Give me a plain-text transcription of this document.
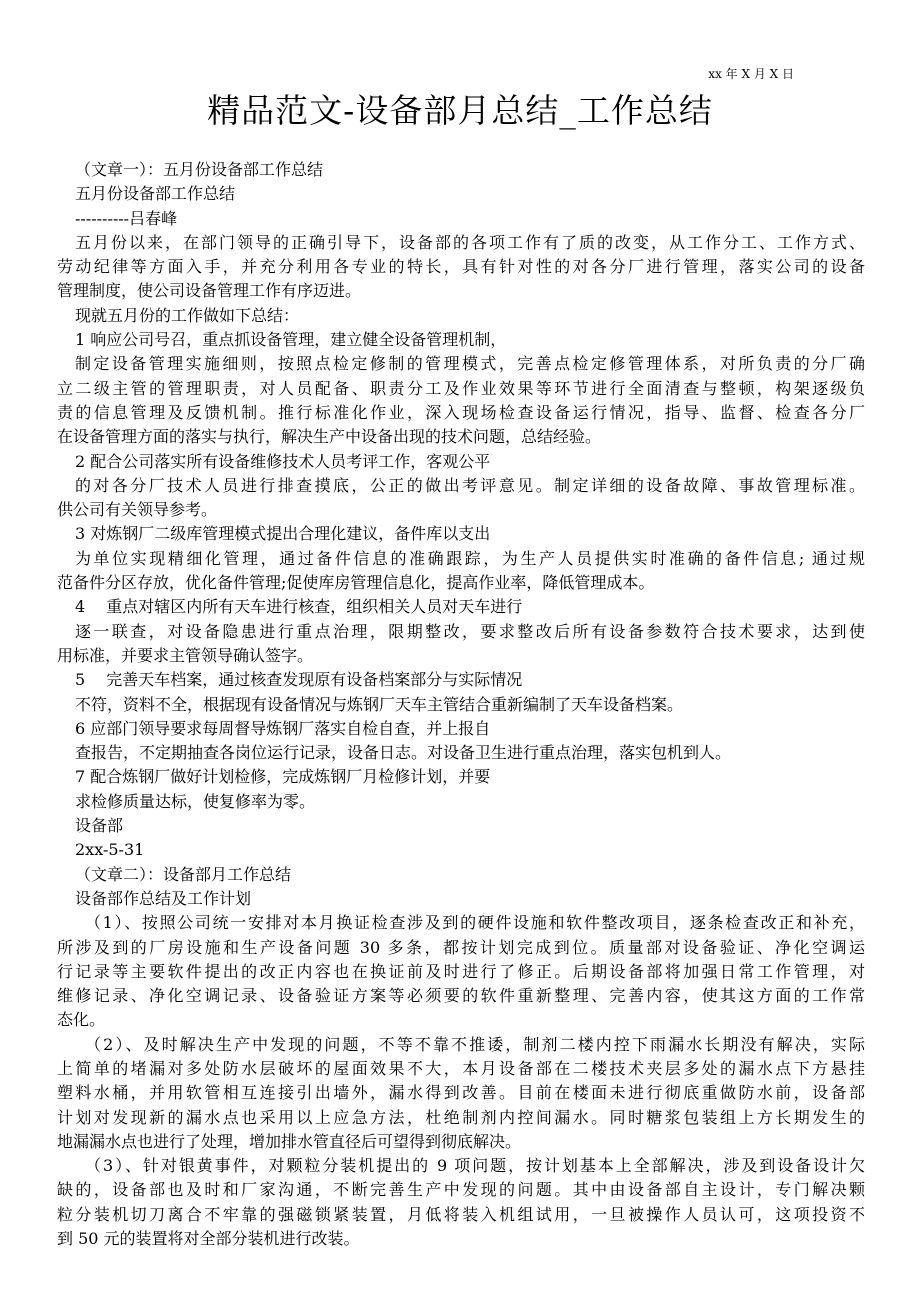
xx 年 X 月 X 日
精品范文-设备部月总结_工作总结
（文章一）：五月份设备部工作总结
五月份设备部工作总结
----------吕春峰
五月份以来，在部门领导的正确引导下，设备部的各项工作有了质的改变，从工作分工、工作方式、
劳动纪律等方面入手，并充分利用各专业的特长，具有针对性的对各分厂进行管理，落实公司的设备
管理制度，使公司设备管理工作有序迈进。
现就五月份的工作做如下总结：
1 响应公司号召，重点抓设备管理，建立健全设备管理机制，
制定设备管理实施细则，按照点检定修制的管理模式，完善点检定修管理体系，对所负责的分厂确
立二级主管的管理职责，对人员配备、职责分工及作业效果等环节进行全面清查与整顿，构架逐级负
责的信息管理及反馈机制。推行标准化作业，深入现场检查设备运行情况，指导、监督、检查各分厂
在设备管理方面的落实与执行，解决生产中设备出现的技术问题，总结经验。
2 配合公司落实所有设备维修技术人员考评工作，客观公平
的对各分厂技术人员进行排查摸底，公正的做出考评意见。制定详细的设备故障、事故管理标准。
供公司有关领导参考。
3 对炼钢厂二级库管理模式提出合理化建议，备件库以支出
为单位实现精细化管理，通过备件信息的准确跟踪，为生产人员提供实时准确的备件信息; 通过规
范备件分区存放，优化备件管理;促使库房管理信息化，提高作业率，降低管理成本。
4　 重点对辖区内所有天车进行核查，组织相关人员对天车进行
逐一联查，对设备隐患进行重点治理，限期整改，要求整改后所有设备参数符合技术要求，达到使
用标准，并要求主管领导确认签字。
5　 完善天车档案，通过核查发现原有设备档案部分与实际情况
不符，资料不全，根据现有设备情况与炼钢厂天车主管结合重新编制了天车设备档案。
6 应部门领导要求每周督导炼钢厂落实自检自查，并上报自
查报告，不定期抽查各岗位运行记录，设备日志。对设备卫生进行重点治理，落实包机到人。
7 配合炼钢厂做好计划检修，完成炼钢厂月检修计划，并要
求检修质量达标，使复修率为零。
设备部
2xx-5-31
（文章二）：设备部月工作总结
设备部作总结及工作计划
（1）、按照公司统一安排对本月换证检查涉及到的硬件设施和软件整改项目，逐条检查改正和补充，
所涉及到的厂房设施和生产设备问题 30 多条，都按计划完成到位。质量部对设备验证、净化空调运
行记录等主要软件提出的改正内容也在换证前及时进行了修正。后期设备部将加强日常工作管理，对
维修记录、净化空调记录、设备验证方案等必须要的软件重新整理、完善内容，使其这方面的工作常
态化。
（2）、及时解决生产中发现的问题，不等不靠不推诿，制剂二楼内控下雨漏水长期没有解决，实际
上简单的堵漏对多处防水层破坏的屋面效果不大，本月设备部在二楼技术夹层多处的漏水点下方悬挂
塑料水桶，并用软管相互连接引出墙外，漏水得到改善。目前在楼面未进行彻底重做防水前，设备部
计划对发现新的漏水点也采用以上应急方法，杜绝制剂内控间漏水。同时糖浆包装组上方长期发生的
地漏漏水点也进行了处理，增加排水管直径后可望得到彻底解决。
（3）、针对银黄事件，对颗粒分装机提出的 9 项问题，按计划基本上全部解决，涉及到设备设计欠
缺的，设备部也及时和厂家沟通，不断完善生产中发现的问题。其中由设备部自主设计，专门解决颗
粒分装机切刀离合不牢靠的强磁锁紧装置，月低将装入机组试用，一旦被操作人员认可，这项投资不
到 50 元的装置将对全部分装机进行改装。
